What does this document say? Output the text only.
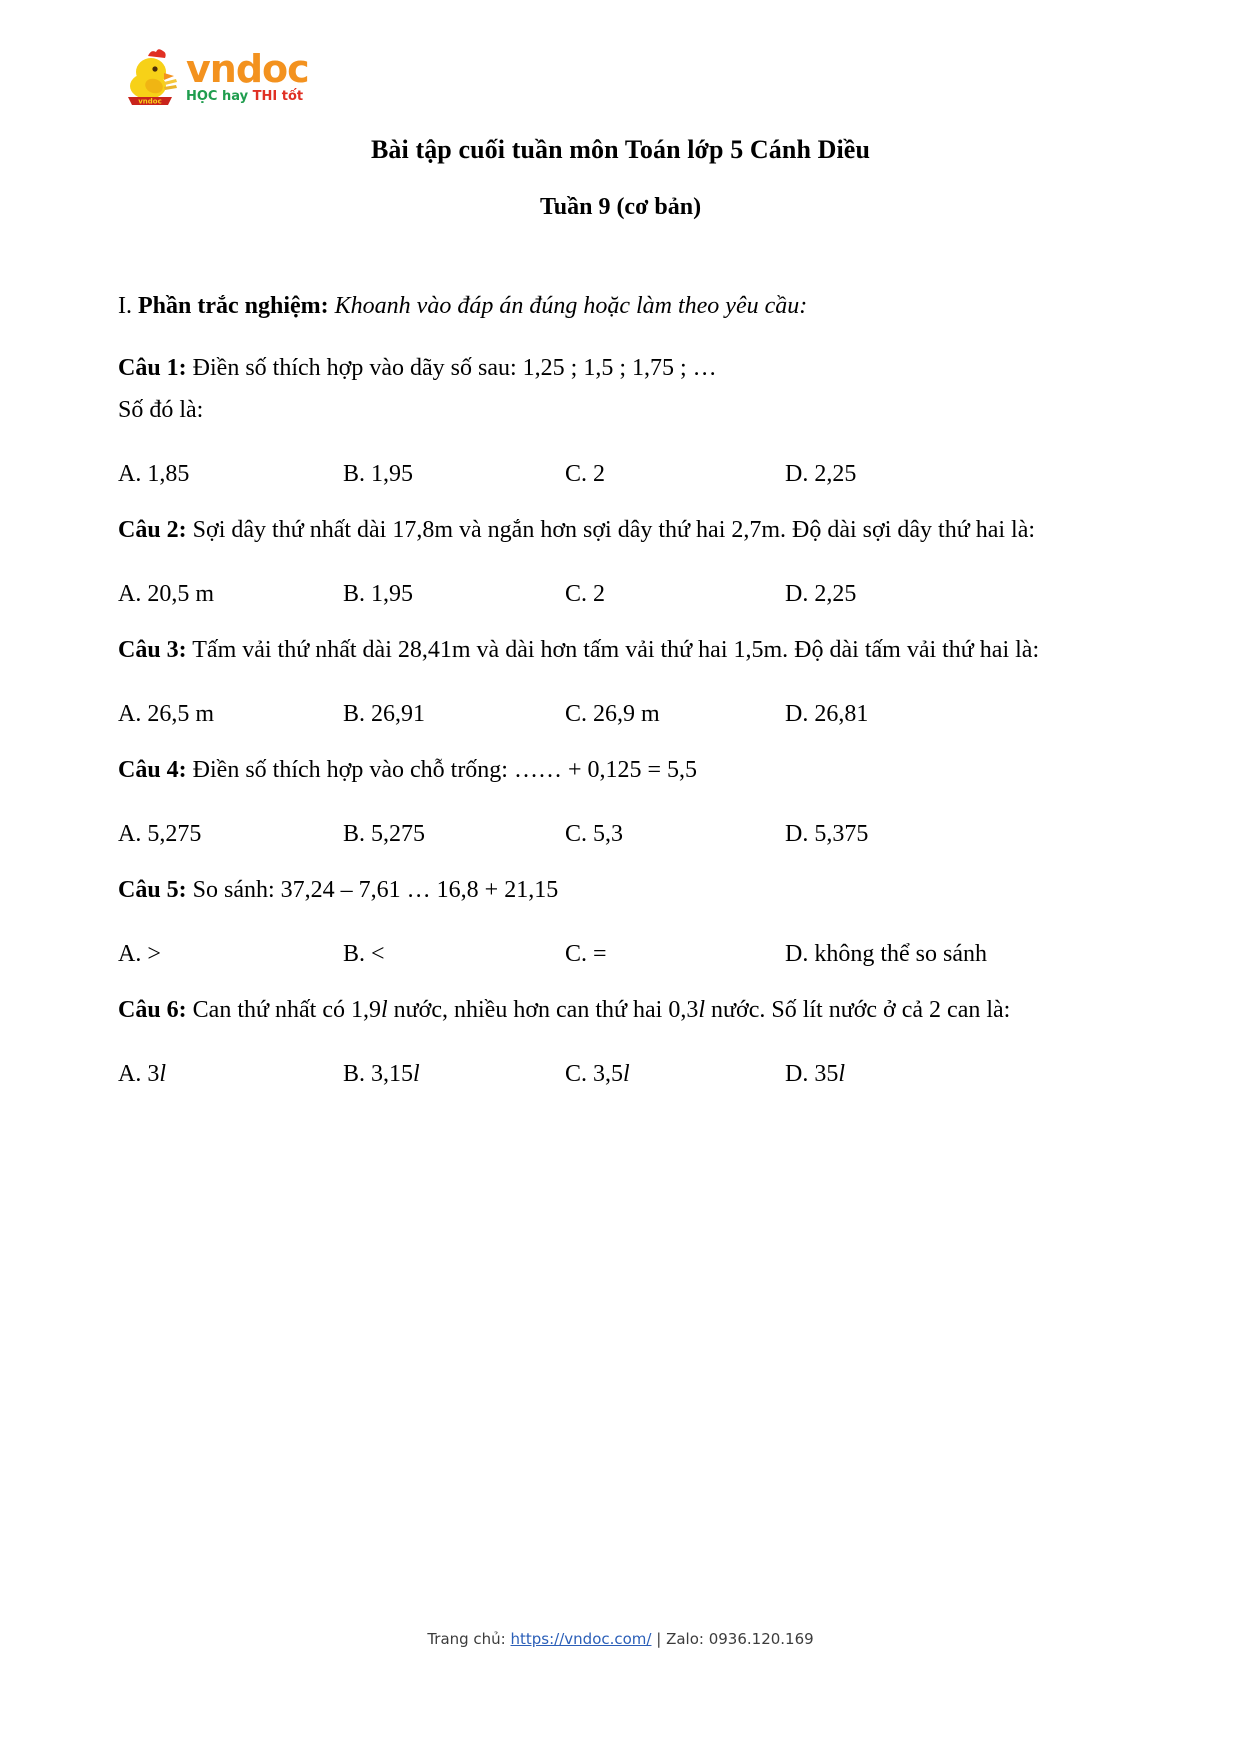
vndoc
vndoc
HỌC hay THI tốt
Bài tập cuối tuần môn Toán lớp 5 Cánh Diều
Tuần 9 (cơ bản)

I. Phần trắc nghiệm: Khoanh vào đáp án đúng hoặc làm theo yêu cầu:

Câu 1: Điền số thích hợp vào dãy số sau: 1,25 ; 1,5 ; 1,75 ; …

Số đó là:

A. 1,85	B. 1,95	C. 2	D. 2,25

Câu 2: Sợi dây thứ nhất dài 17,8m và ngắn hơn sợi dây thứ hai 2,7m. Độ dài sợi dây thứ hai là:

A. 20,5 m	B. 1,95	C. 2	D. 2,25

Câu 3: Tấm vải thứ nhất dài 28,41m và dài hơn tấm vải thứ hai 1,5m. Độ dài tấm vải thứ hai là:

A. 26,5 m	B. 26,91	C. 26,9 m	D. 26,81

Câu 4: Điền số thích hợp vào chỗ trống: …… + 0,125 = 5,5

A. 5,275	B. 5,275	C. 5,3	D. 5,375

Câu 5: So sánh: 37,24 – 7,61 … 16,8 + 21,15

A. >	B. <	C. =	D. không thể so sánh

Câu 6: Can thứ nhất có 1,9l nước, nhiều hơn can thứ hai 0,3l nước. Số lít nước ở cả 2 can là:

A. 3l	B. 3,15l	C. 3,5l	D. 35l
Trang chủ: https://vndoc.com/ | Zalo: 0936.120.169
